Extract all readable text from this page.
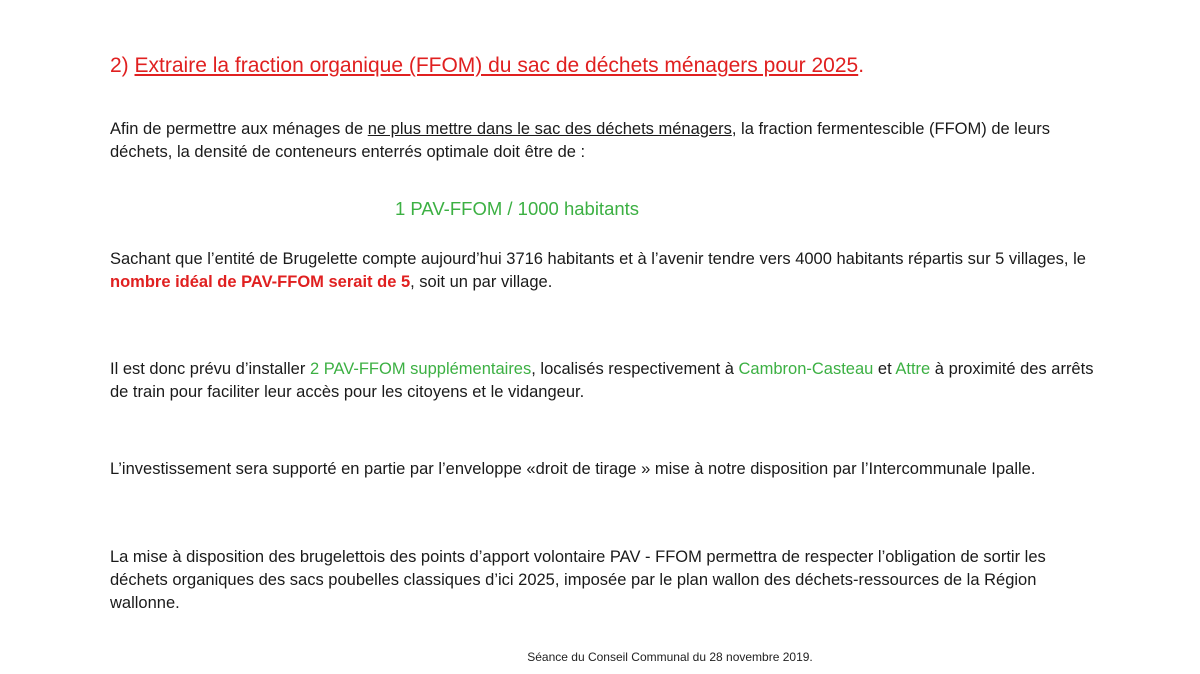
2) Extraire la fraction organique (FFOM) du sac de déchets ménagers pour 2025.
Afin de permettre aux ménages de ne plus mettre dans le sac des déchets ménagers, la fraction fermentescible (FFOM) de leurs déchets, la densité de conteneurs enterrés optimale doit être de :
1 PAV-FFOM / 1000 habitants
Sachant que l’entité de Brugelette compte aujourd’hui 3716 habitants et à l’avenir tendre vers 4000 habitants répartis sur 5 villages, le nombre idéal de PAV-FFOM serait de 5, soit un par village.
Il est donc prévu d’installer 2 PAV-FFOM supplémentaires, localisés respectivement à Cambron-Casteau et Attre à proximité des arrêts de train pour faciliter leur accès pour les citoyens et le vidangeur.
L’investissement sera supporté en partie par l’enveloppe «droit de tirage » mise à notre disposition par l’Intercommunale Ipalle.
La mise à disposition des brugelettois des points d’apport volontaire PAV - FFOM permettra de respecter l’obligation de sortir les déchets organiques des sacs poubelles classiques d’ici 2025, imposée par le plan wallon des déchets-ressources de la Région wallonne.
Séance du Conseil Communal du 28 novembre 2019.
